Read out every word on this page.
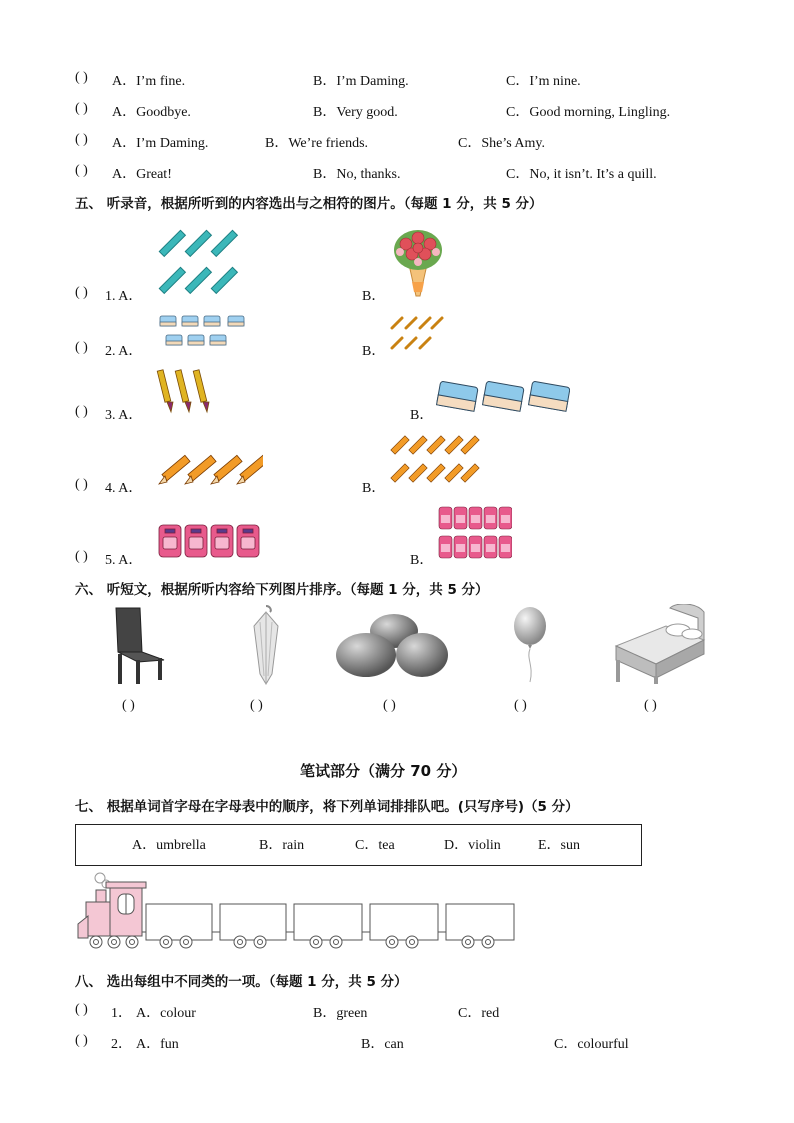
( ) A．I’m fine.	B．I’m Daming.	C．I’m nine.
( ) A．Goodbye.	B．Very good.	C．Good morning, Lingling.
( ) A．I’m Daming.	B．We’re friends.	C．She’s Amy.
( ) A．Great!	B．No, thanks.	C．No, it isn’t. It’s a quill.
五、 听录音，根据所听到的内容选出与之相符的图片。（每题 1 分，共 5 分）
( ) 1. A．	B．
( ) 2. A．	B．
( ) 3. A．	B．
( ) 4. A．	B．
( ) 5. A．	B．
六、 听短文，根据所听内容给下列图片排序。（每题 1 分，共 5 分）
( )	( )	( )	( )	( )
笔试部分（满分 70 分）
七、 根据单词首字母在字母表中的顺序，将下列单词排排队吧。(只写序号)（5 分）
A．umbrella	B．rain	C．tea	D．violin	E．sun
八、 选出每组中不同类的一项。（每题 1 分，共 5 分）
( ) 1． A．colour	B．green	C．red
( ) 2． A．fun	B．can	C．colourful
